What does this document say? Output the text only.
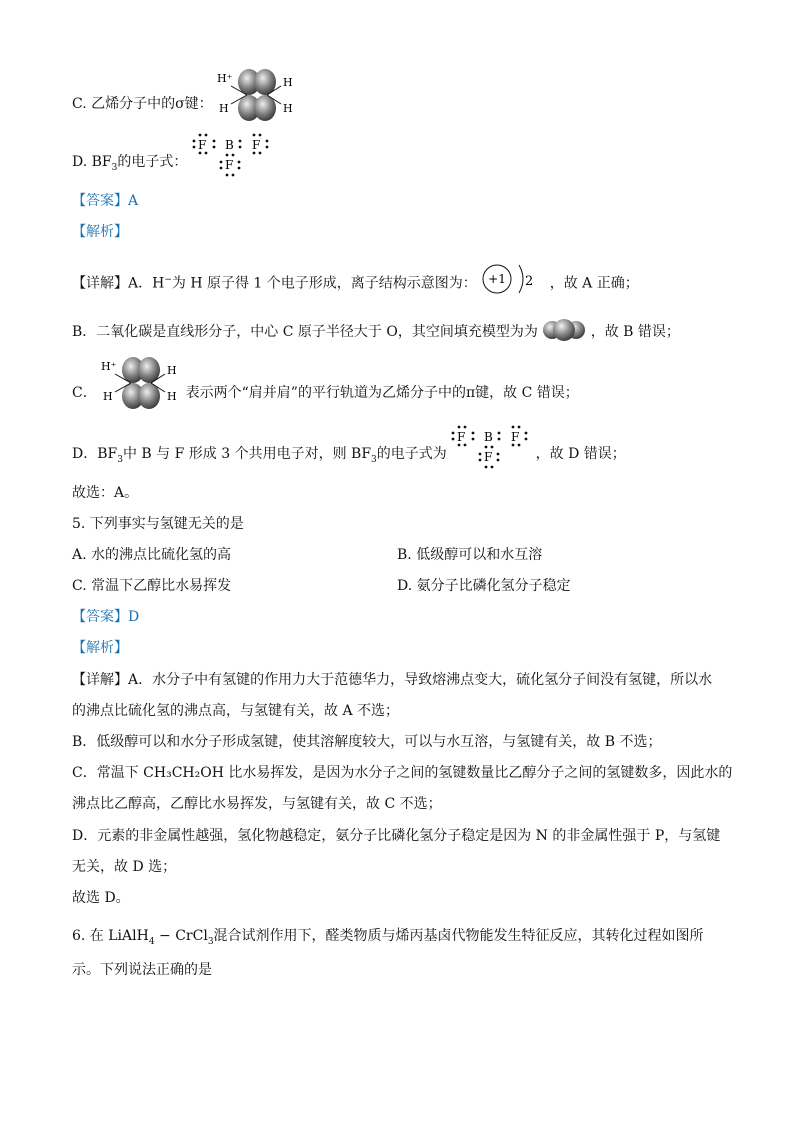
C. 乙烯分子中的σ键：
H⁺
H
H
H
D. $BF_3$的电子式：
F B F
F
【答案】A
【解析】
【详解】A．H−为 H 原子得 1 个电子形成，离子结构示意图为： +1 2 ，故 A 正确；
B．二氧化碳是直线形分子，中心 C 原子半径大于 O，其空间填充模型为为	，故 B 错误；
C．
H⁺
H
H
H 表示两个“肩并肩”的平行轨道为乙烯分子中的π键，故 C 错误；
D．$BF_3$中 B 与 F 形成 3 个共用电子对，则 $BF_3$的电子式为
F B F
F	，故 D 错误；
故选：A。
5. 下列事实与氢键无关的是
A. 水的沸点比硫化氢的高	B. 低级醇可以和水互溶
C. 常温下乙醇比水易挥发	D. 氨分子比磷化氢分子稳定
【答案】D
【解析】
【详解】A．水分子中有氢键的作用力大于范德华力，导致熔沸点变大，硫化氢分子间没有氢键，所以水
的沸点比硫化氢的沸点高，与氢键有关，故 A 不选；
B．低级醇可以和水分子形成氢键，使其溶解度较大，可以与水互溶，与氢键有关，故 B 不选；
C．常温下 CH₃CH₂OH 比水易挥发，是因为水分子之间的氢键数量比乙醇分子之间的氢键数多，因此水的
沸点比乙醇高，乙醇比水易挥发，与氢键有关，故 C 不选；
D．元素的非金属性越强，氢化物越稳定，氨分子比磷化氢分子稳定是因为 N 的非金属性强于 P，与氢键
无关，故 D 选；
故选 D。
6. 在 LiAlH$_4$ − CrCl$_3$混合试剂作用下，醛类物质与烯丙基卤代物能发生特征反应，其转化过程如图所
示。下列说法正确的是
